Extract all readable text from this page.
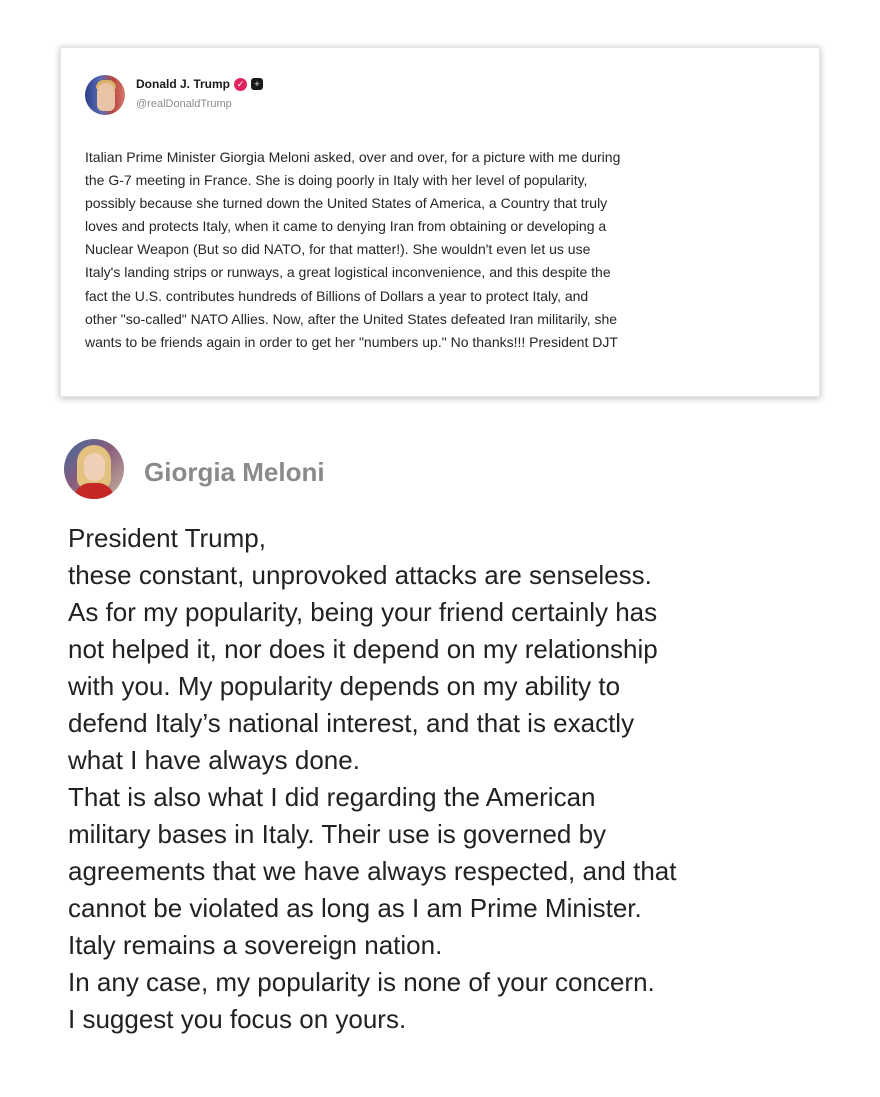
Donald J. Trump ✓	+
@realDonaldTrump

Italian Prime Minister Giorgia Meloni asked, over and over, for a picture with me during
the G-7 meeting in France. She is doing poorly in Italy with her level of popularity,
possibly because she turned down the United States of America, a Country that truly
loves and protects Italy, when it came to denying Iran from obtaining or developing a
Nuclear Weapon (But so did NATO, for that matter!). She wouldn't even let us use
Italy's landing strips or runways, a great logistical inconvenience, and this despite the
fact the U.S. contributes hundreds of Billions of Dollars a year to protect Italy, and
other "so-called" NATO Allies. Now, after the United States defeated Iran militarily, she
wants to be friends again in order to get her "numbers up." No thanks!!! President DJT

Giorgia Meloni

President Trump,
these constant, unprovoked attacks are senseless.
As for my popularity, being your friend certainly has
not helped it, nor does it depend on my relationship
with you. My popularity depends on my ability to
defend Italy’s national interest, and that is exactly
what I have always done.
That is also what I did regarding the American
military bases in Italy. Their use is governed by
agreements that we have always respected, and that
cannot be violated as long as I am Prime Minister.
Italy remains a sovereign nation.
In any case, my popularity is none of your concern.
I suggest you focus on yours.
